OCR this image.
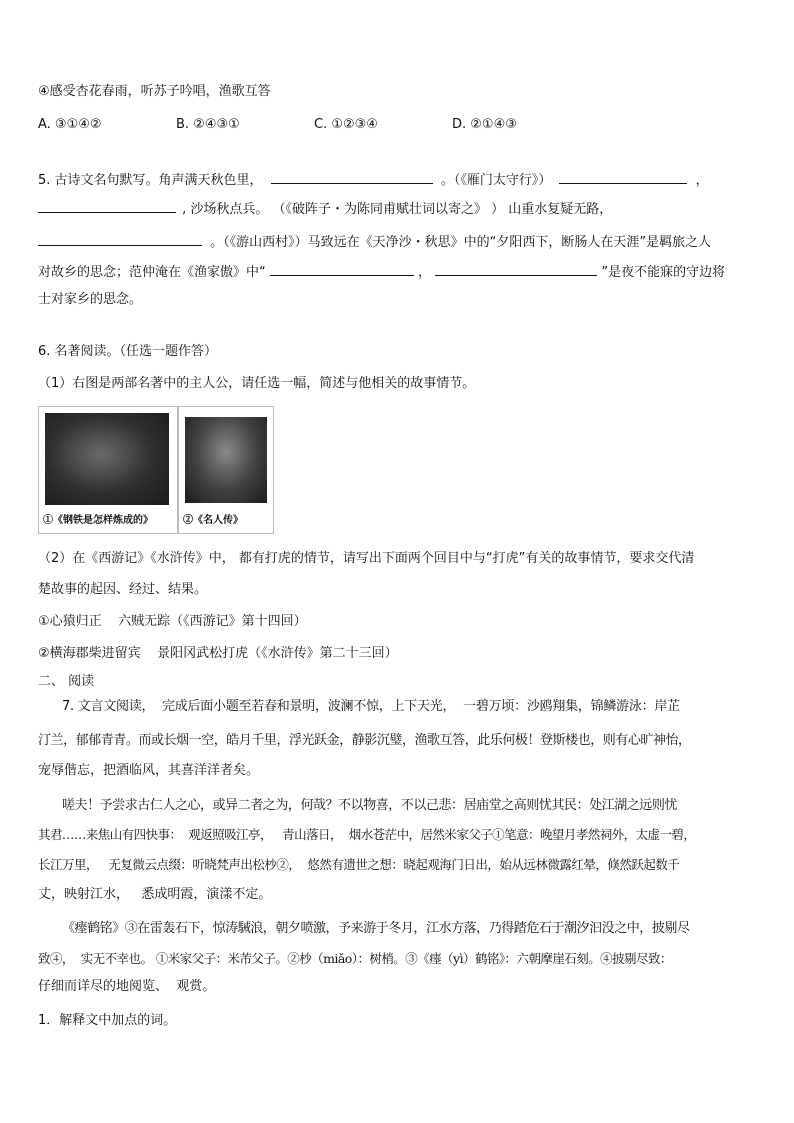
④感受杏花春雨，听苏子吟唱，渔歌互答
A. ③①④②	B. ②④③①	C. ①②③④	D. ②①④③
5. 古诗文名句默写。角声满天秋色里，	。（《雁门太守行》）	，
, 沙场秋点兵。 （《破阵子・为陈同甫赋壮词以寄之》 ） 山重水复疑无路，
。（《游山西村》）马致远在《天净沙・秋思》中的“夕阳西下，断肠人在天涯”是羁旅之人
对故乡的思念；范仲淹在《渔家傲》中“	，	”是夜不能寐的守边将
士对家乡的思念。
6. 名著阅读。（任选一题作答）
（1）右图是两部名著中的主人公，请任选一幅，简述与他相关的故事情节。
①《钢铁是怎样炼成的》	②《名人传》
（2）在《西游记》《水浒传》中， 都有打虎的情节，请写出下面两个回目中与“打虎”有关的故事情节，要求交代清
楚故事的起因、经过、结果。
①心猿归正    六贼无踪（《西游记》第十四回）
②横海郡柴进留宾    景阳冈武松打虎（《水浒传》第二十三回）
二、 阅读
7. 文言文阅读，  完成后面小题至若春和景明，波澜不惊，上下天光，  一碧万顷：沙鸥翔集，锦鳞游泳：岸芷
汀兰，郁郁青青。而或长烟一空，皓月千里，浮光跃金，静影沉璧，渔歌互答，此乐何极！登斯楼也，则有心旷神怡，
宠辱偕忘，把酒临风，其喜洋洋者矣。
嗟夫！予尝求古仁人之心，或异二者之为，何哉？不以物喜，不以己悲：居庙堂之高则忧其民：处江湖之远则忧
其君……来焦山有四快事：  观返照吸江亭，   青山落日，  烟水苍茫中，居然米家父子①笔意：晚望月孝然祠外，太虚一碧，
长江万里，   无复微云点缀：听晓梵声出松杪②，  悠然有遗世之想：晓起观海门日出，始从远林微露红晕，倏然跃起数千
丈，映射江水，   悉成明霞，演漾不定。
《瘗鹤铭》③在雷轰石下，惊涛駴浪，朝夕喷激，予来游于冬月，江水方落，乃得踏危石于潮汐汩没之中，披剔尽
致④，  实无不幸也。 ①米家父子：米芾父子。②杪（miǎo）：树梢。③《瘗（yì）鹤铭》：六朝摩崖石刻。④披剔尽致：
仔细而详尽的地阅览、  观赏。
1．解释文中加点的词。
